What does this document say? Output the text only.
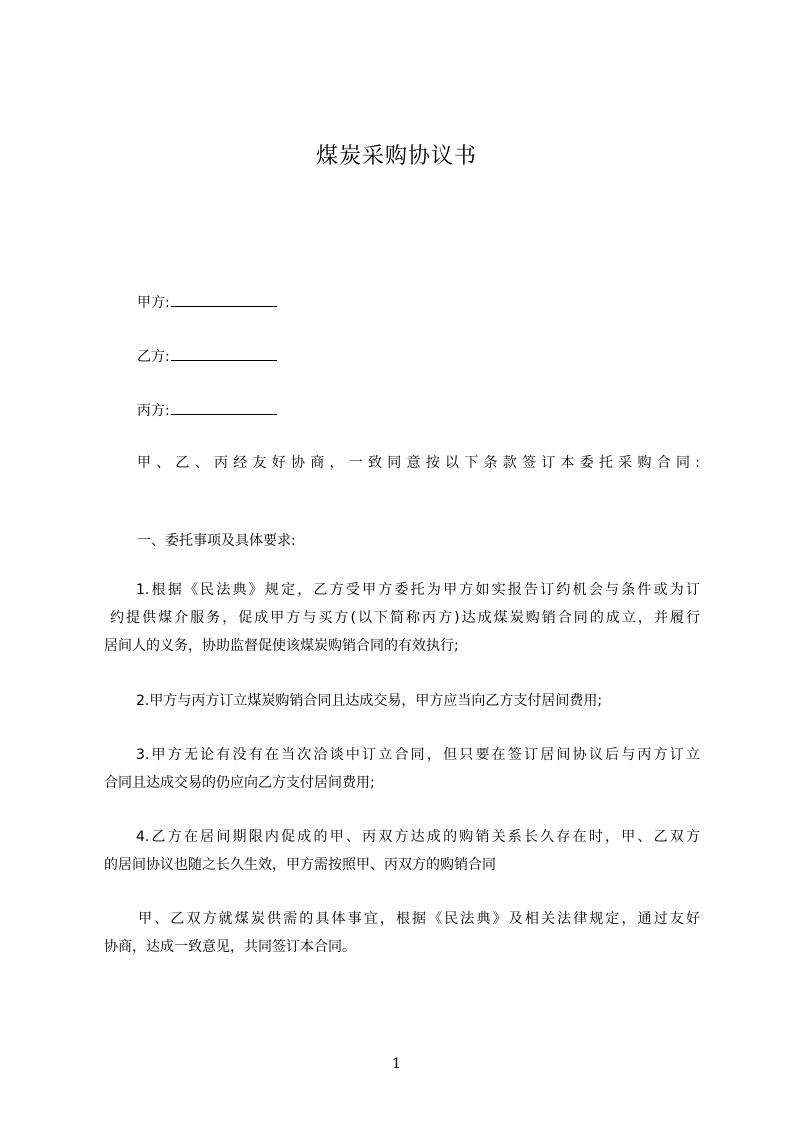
煤炭采购协议书
甲方:
乙方:
丙方:
甲、乙、丙经友好协商，一致同意按以下条款签订本委托采购合同:
一、委托事项及具体要求:
1.根据《民法典》规定，乙方受甲方委托为甲方如实报告订约机会与条件或为订
约提供煤介服务，促成甲方与买方(以下简称丙方)达成煤炭购销合同的成立，并履行
居间人的义务，协助监督促使该煤炭购销合同的有效执行;
2.甲方与丙方订立煤炭购销合同且达成交易，甲方应当向乙方支付居间费用;
3.甲方无论有没有在当次洽谈中订立合同，但只要在签订居间协议后与丙方订立
合同且达成交易的仍应向乙方支付居间费用;
4.乙方在居间期限内促成的甲、丙双方达成的购销关系长久存在时，甲、乙双方
的居间协议也随之长久生效，甲方需按照甲、丙双方的购销合同
甲、乙双方就煤炭供需的具体事宜，根据《民法典》及相关法律规定，通过友好
协商，达成一致意见，共同签订本合同。
1
